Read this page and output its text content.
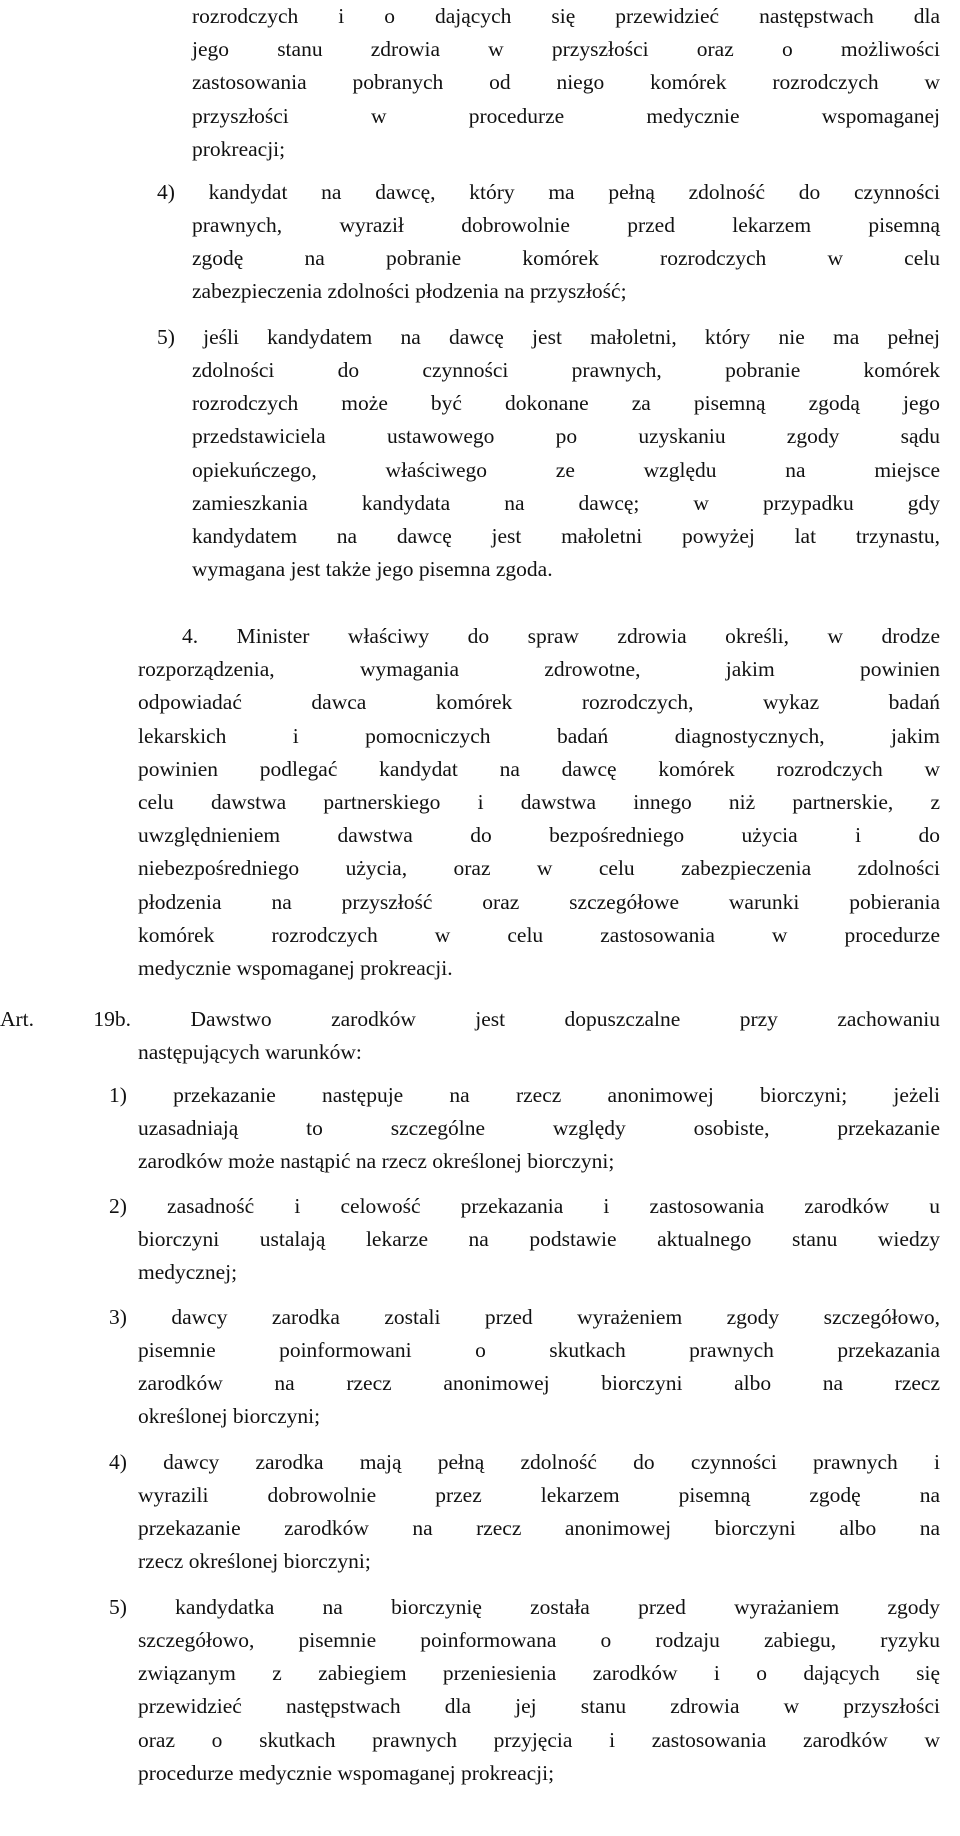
rozrodczych i o dających się przewidzieć następstwach dla
jego stanu zdrowia w przyszłości oraz o możliwości
zastosowania pobranych od niego komórek rozrodczych w
przyszłości w procedurze medycznie wspomaganej
prokreacji;
4) kandydat na dawcę, który ma pełną zdolność do czynności
prawnych, wyraził dobrowolnie przed lekarzem pisemną
zgodę na pobranie komórek rozrodczych w celu
zabezpieczenia zdolności płodzenia na przyszłość;
5) jeśli kandydatem na dawcę jest małoletni, który nie ma pełnej
zdolności do czynności prawnych, pobranie komórek
rozrodczych może być dokonane za pisemną zgodą jego
przedstawiciela ustawowego po uzyskaniu zgody sądu
opiekuńczego, właściwego ze względu na miejsce
zamieszkania kandydata na dawcę; w przypadku gdy
kandydatem na dawcę jest małoletni powyżej lat trzynastu,
wymagana jest także jego pisemna zgoda.
4. Minister właściwy do spraw zdrowia określi, w drodze
rozporządzenia, wymagania zdrowotne, jakim powinien
odpowiadać dawca komórek rozrodczych, wykaz badań
lekarskich i pomocniczych badań diagnostycznych, jakim
powinien podlegać kandydat na dawcę komórek rozrodczych w
celu dawstwa partnerskiego i dawstwa innego niż partnerskie, z
uwzględnieniem dawstwa do bezpośredniego użycia i do
niebezpośredniego użycia, oraz w celu zabezpieczenia zdolności
płodzenia na przyszłość oraz szczegółowe warunki pobierania
komórek rozrodczych w celu zastosowania w procedurze
medycznie wspomaganej prokreacji.
Art. 19b. Dawstwo zarodków jest dopuszczalne przy zachowaniu
następujących warunków:
1) przekazanie następuje na rzecz anonimowej biorczyni; jeżeli
uzasadniają to szczególne względy osobiste, przekazanie
zarodków może nastąpić na rzecz określonej biorczyni;
2) zasadność i celowość przekazania i zastosowania zarodków u
biorczyni ustalają lekarze na podstawie aktualnego stanu wiedzy
medycznej;
3) dawcy zarodka zostali przed wyrażeniem zgody szczegółowo,
pisemnie poinformowani o skutkach prawnych przekazania
zarodków na rzecz anonimowej biorczyni albo na rzecz
określonej biorczyni;
4) dawcy zarodka mają pełną zdolność do czynności prawnych i
wyrazili dobrowolnie przez lekarzem pisemną zgodę na
przekazanie zarodków na rzecz anonimowej biorczyni albo na
rzecz określonej biorczyni;
5) kandydatka na biorczynię została przed wyrażaniem zgody
szczegółowo, pisemnie poinformowana o rodzaju zabiegu, ryzyku
związanym z zabiegiem przeniesienia zarodków i o dających się
przewidzieć następstwach dla jej stanu zdrowia w przyszłości
oraz o skutkach prawnych przyjęcia i zastosowania zarodków w
procedurze medycznie wspomaganej prokreacji;
